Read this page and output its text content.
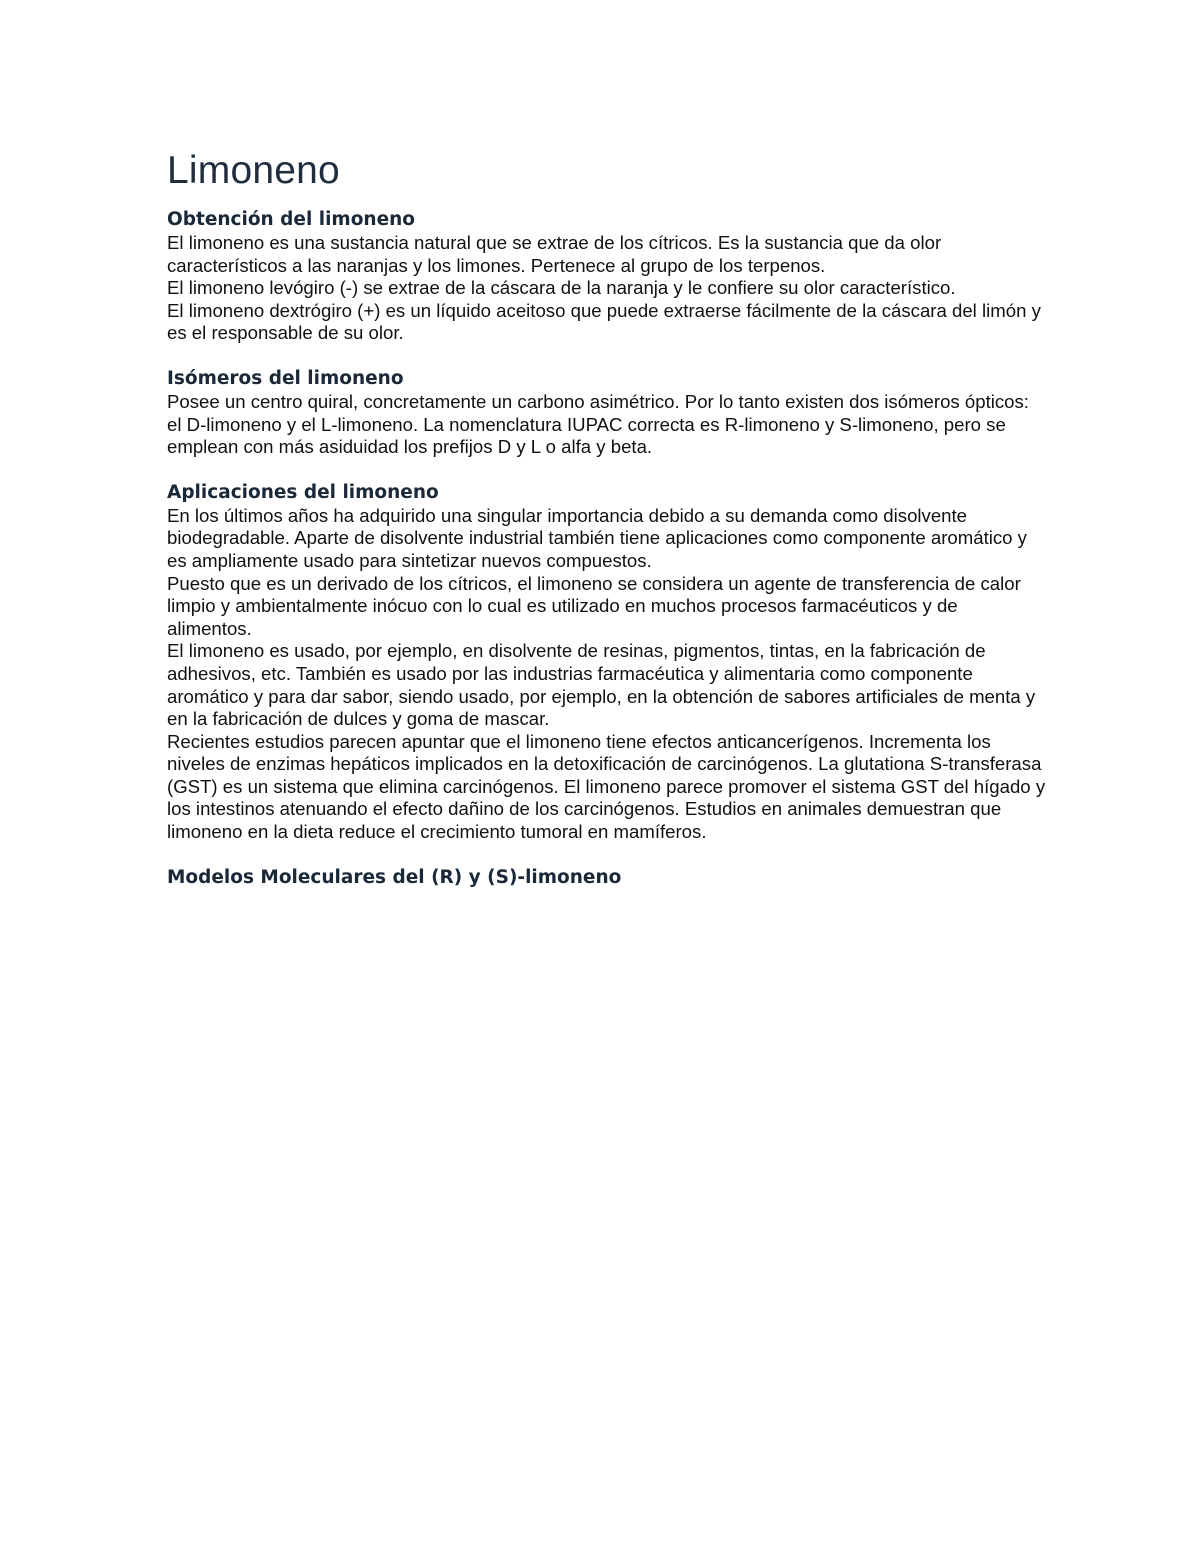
Limoneno
Obtención del limoneno

El limoneno es una sustancia natural que se extrae de los cítricos. Es la sustancia que da olor característicos a las naranjas y los limones. Pertenece al grupo de los terpenos.

El limoneno levógiro (-) se extrae de la cáscara de la naranja y le confiere su olor característico.

El limoneno dextrógiro (+) es un líquido aceitoso que puede extraerse fácilmente de la cáscara del limón y es el responsable de su olor.

Isómeros del limoneno

Posee un centro quiral, concretamente un carbono asimétrico. Por lo tanto existen dos isómeros ópticos: el D-limoneno y el L-limoneno. La nomenclatura IUPAC correcta es R-limoneno y S-limoneno, pero se emplean con más asiduidad los prefijos D y L o alfa y beta.

Aplicaciones del limoneno

En los últimos años ha adquirido una singular importancia debido a su demanda como disolvente biodegradable. Aparte de disolvente industrial también tiene aplicaciones como componente aromático y es ampliamente usado para sintetizar nuevos compuestos.

Puesto que es un derivado de los cítricos, el limoneno se considera un agente de transferencia de calor limpio y ambientalmente inócuo con lo cual es utilizado en muchos procesos farmacéuticos y de alimentos.

El limoneno es usado, por ejemplo, en disolvente de resinas, pigmentos, tintas, en la fabricación de adhesivos, etc. También es usado por las industrias farmacéutica y alimentaria como componente aromático y para dar sabor, siendo usado, por ejemplo, en la obtención de sabores artificiales de menta y en la fabricación de dulces y goma de mascar.

Recientes estudios parecen apuntar que el limoneno tiene efectos anticancerígenos. Incrementa los niveles de enzimas hepáticos implicados en la detoxificación de carcinógenos. La glutationa S-transferasa (GST) es un sistema que elimina carcinógenos. El limoneno parece promover el sistema GST del hígado y los intestinos atenuando el efecto dañino de los carcinógenos. Estudios en animales demuestran que limoneno en la dieta reduce el crecimiento tumoral en mamíferos.

Modelos Moleculares del (R) y (S)-limoneno
